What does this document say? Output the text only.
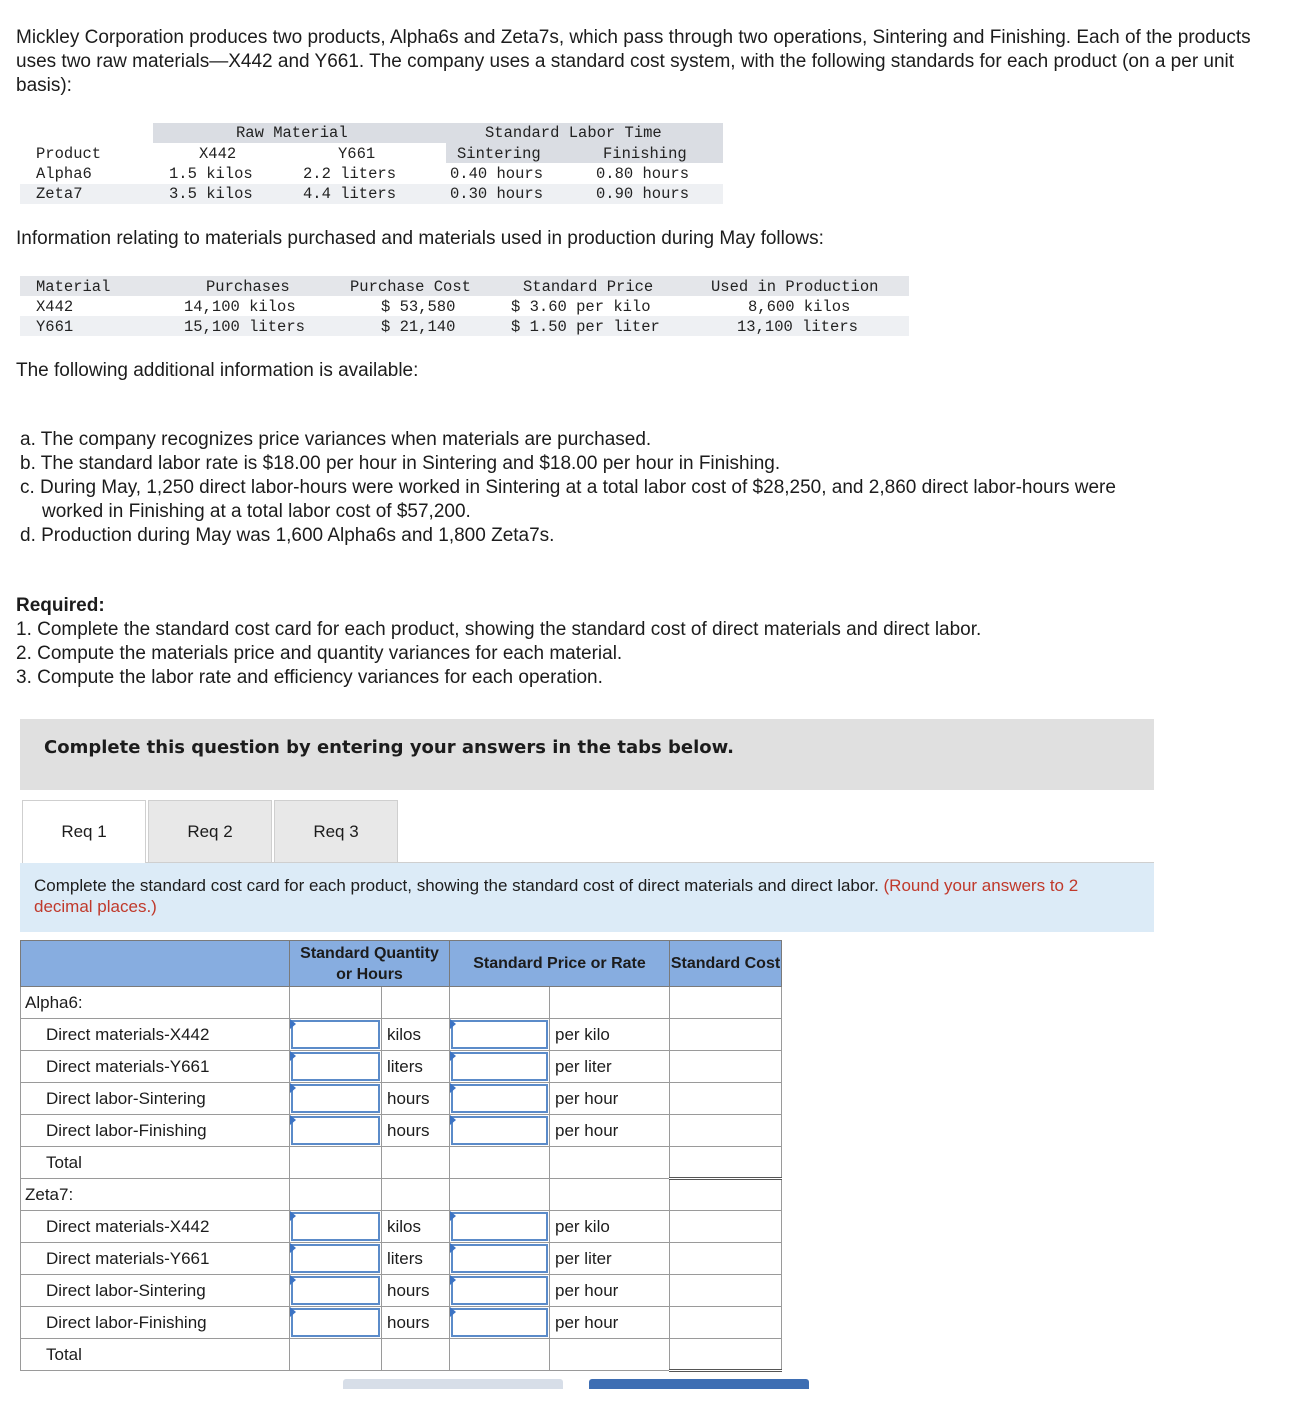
Mickley Corporation produces two products, Alpha6s and Zeta7s, which pass through two operations, Sintering and Finishing. Each of the products uses two raw materials—X442 and Y661. The company uses a standard cost system, with the following standards for each product (on a per unit basis):
Raw Material	Standard Labor Time
Product	X442	Y661	Sintering	Finishing
Alpha6	1.5 kilos	2.2 liters	0.40 hours	0.80 hours
Zeta7	3.5 kilos	4.4 liters	0.30 hours	0.90 hours
Information relating to materials purchased and materials used in production during May follows:
Material	Purchases	Purchase Cost	Standard Price	Used in Production
X442	14,100 kilos	$ 53,580	$ 3.60 per kilo	8,600 kilos
Y661	15,100 liters	$ 21,140	$ 1.50 per liter	13,100 liters
The following additional information is available:
a. The company recognizes price variances when materials are purchased.
b. The standard labor rate is $18.00 per hour in Sintering and $18.00 per hour in Finishing.
c. During May, 1,250 direct labor-hours were worked in Sintering at a total labor cost of $28,250, and 2,860 direct labor-hours were
worked in Finishing at a total labor cost of $57,200.
d. Production during May was 1,600 Alpha6s and 1,800 Zeta7s.
Required:
1. Complete the standard cost card for each product, showing the standard cost of direct materials and direct labor.
2. Compute the materials price and quantity variances for each material.
3. Compute the labor rate and efficiency variances for each operation.
Complete this question by entering your answers in the tabs below.
Req 1	Req 2	Req 3
Complete the standard cost card for each product, showing the standard cost of direct materials and direct labor. (Round your answers to 2 decimal places.)
	Standard Quantity or Hours		Standard Price or Rate		Standard Cost
Alpha6:					
Direct materials-X442		kilos		per kilo	
Direct materials-Y661		liters		per liter	
Direct labor-Sintering		hours		per hour	
Direct labor-Finishing		hours		per hour	
Total					
Zeta7:					
Direct materials-X442		kilos		per kilo	
Direct materials-Y661		liters		per liter	
Direct labor-Sintering		hours		per hour	
Direct labor-Finishing		hours		per hour	
Total					
